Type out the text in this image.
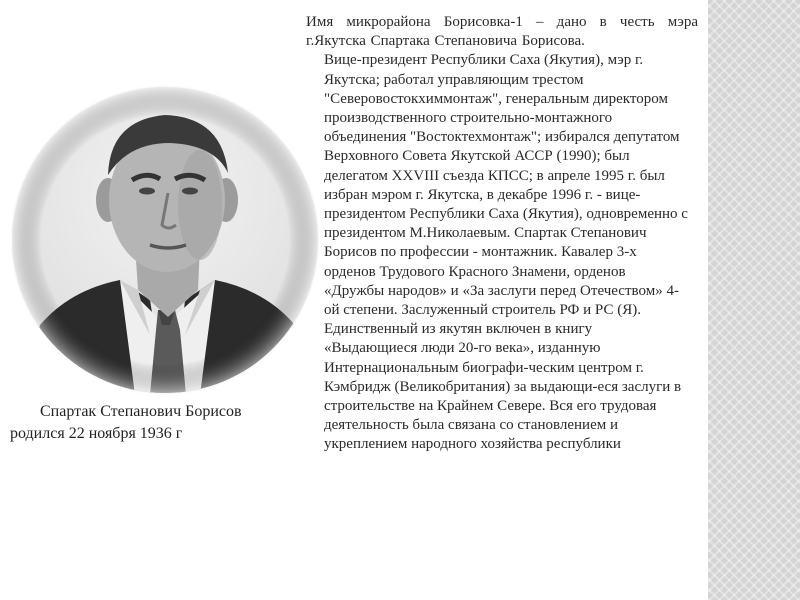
Спартак Степанович Борисов
родился 22 ноября 1936 г

Имя микрорайона Борисовка-1 – дано в честь мэра г.Якутска Спартака Степановича Борисова.
Вице-президент Республики Саха (Якутия), мэр г. Якутска; работал управляющим трестом "Северовостокхиммонтаж", генеральным директором производственного строительно-монтажного объединения "Востоктехмонтаж"; избирался депутатом Верховного Совета Якутской АССР (1990); был делегатом XXVIII съезда КПСС; в апреле 1995 г. был избран мэром г. Якутска, в декабре 1996 г. - вице-президентом Республики Саха (Якутия), одновременно с президентом М.Николаевым. Спартак Степанович Борисов по профессии - монтажник. Кавалер 3-х орденов Трудового Красного Знамени, орденов «Дружбы народов» и «За заслуги перед Отечеством» 4-ой степени. Заслуженный строитель РФ и РС (Я). Единственный из якутян включен в книгу «Выдающиеся люди 20-го века», изданную Интернациональным биографи-ческим центром г. Кэмбридж (Великобритания) за выдающи-еся заслуги в строительстве на Крайнем Севере. Вся его трудовая деятельность была связана со становлением и укреплением народного хозяйства республики
